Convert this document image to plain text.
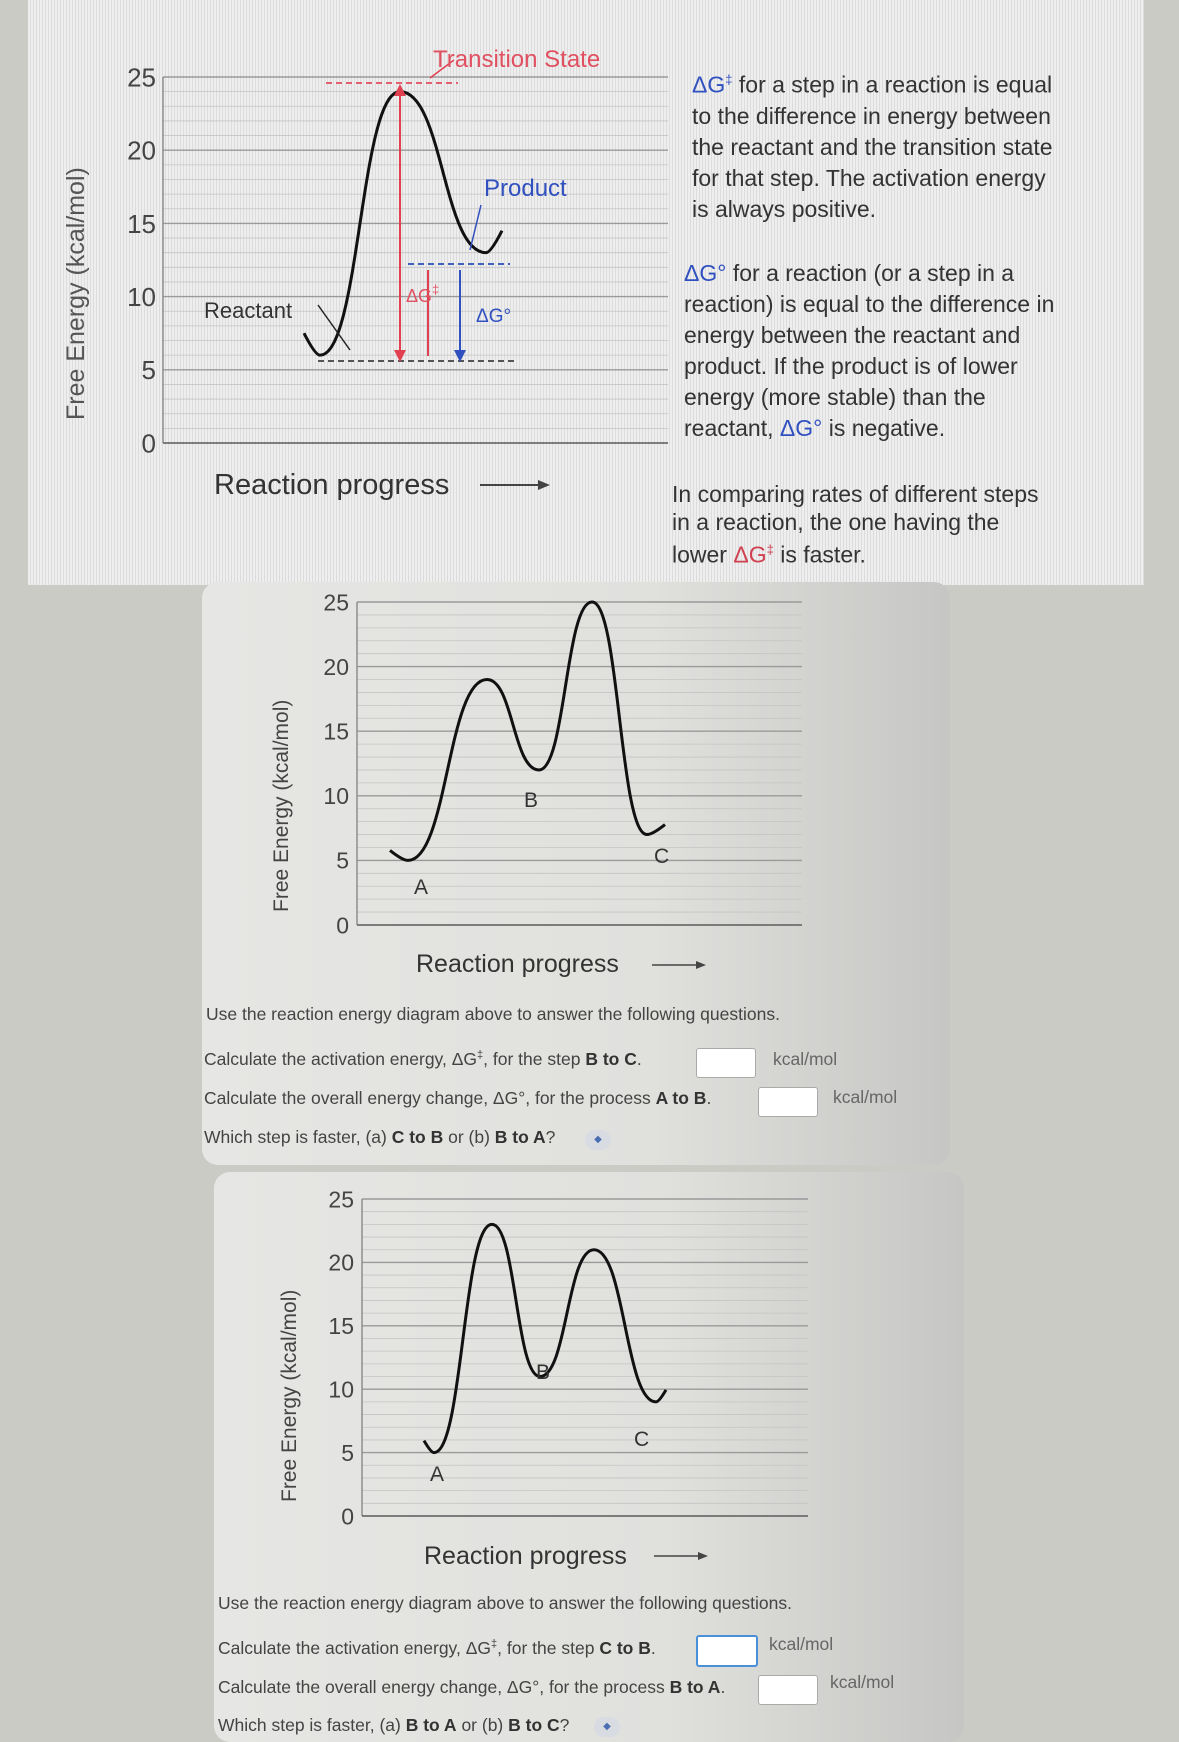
Free Energy (kcal/mol)
0
5
10
15
20
25
Transition State
Product
Reactant
ΔG‡
ΔG°
Reaction progress
ΔG‡ for a step in a reaction is equal
to the difference in energy between
the reactant and the transition state
for that step. The activation energy
is always positive.
ΔG° for a reaction (or a step in a
reaction) is equal to the difference in
energy between the reactant and
product. If the product is of lower
energy (more stable) than the
reactant, ΔG° is negative.
In comparing rates of different steps
in a reaction, the one having the
lower ΔG‡ is faster.
Free Energy (kcal/mol)
0
5
10
15
20
25
A
B
C
Reaction progress
Use the reaction energy diagram above to answer the following questions.
Calculate the activation energy, ΔG‡, for the step B to C.	kcal/mol
Calculate the overall energy change, ΔG°, for the process A to B.	kcal/mol
Which step is faster, (a) C to B or (b) B to A?	◆
Free Energy (kcal/mol)
0
5
10
15
20
25
A
B
C
Reaction progress
Use the reaction energy diagram above to answer the following questions.
Calculate the activation energy, ΔG‡, for the step C to B.	kcal/mol
Calculate the overall energy change, ΔG°, for the process B to A.	kcal/mol
Which step is faster, (a) B to A or (b) B to C?	◆
